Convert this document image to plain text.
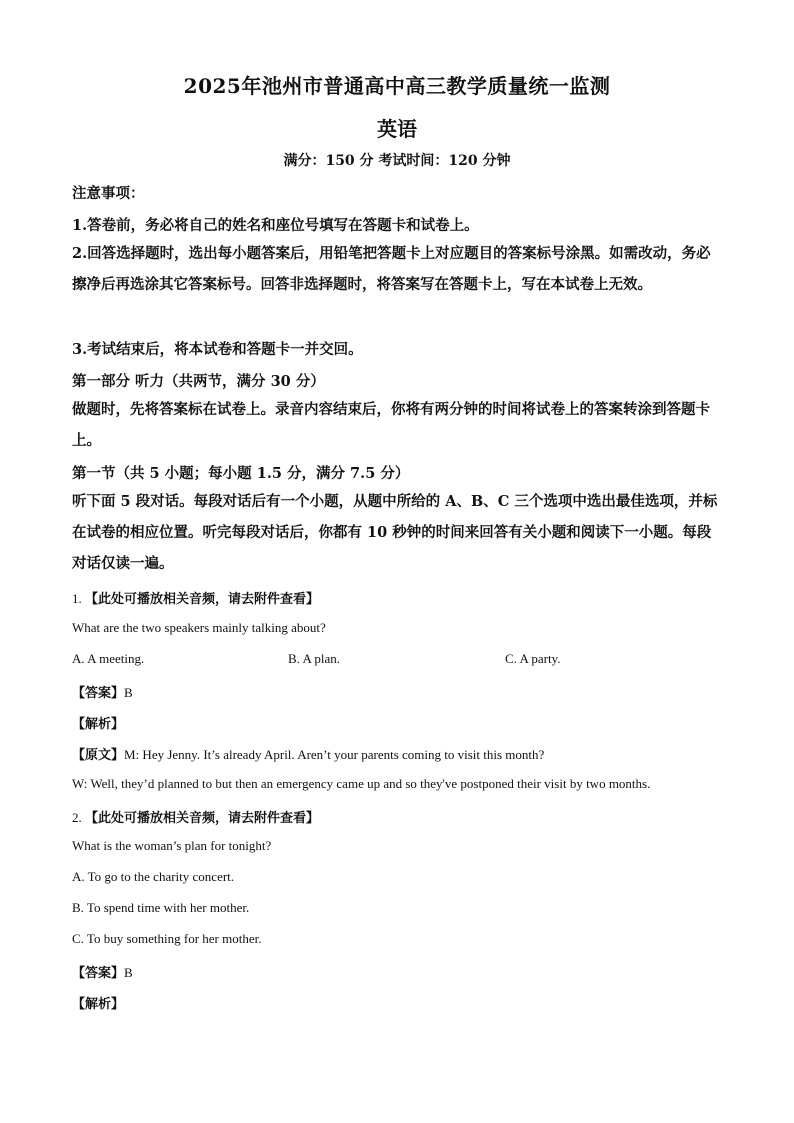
2025年池州市普通高中高三教学质量统一监测
英语
满分：150 分 考试时间：120 分钟
注意事项：
1.答卷前，务必将自己的姓名和座位号填写在答题卡和试卷上。
2.回答选择题时，选出每小题答案后，用铅笔把答题卡上对应题目的答案标号涂黑。如需改动，务必擦净后再选涂其它答案标号。回答非选择题时，将答案写在答题卡上，写在本试卷上无效。
3.考试结束后，将本试卷和答题卡一并交回。
第一部分 听力（共两节，满分 30 分）
做题时，先将答案标在试卷上。录音内容结束后，你将有两分钟的时间将试卷上的答案转涂到答题卡上。
第一节（共 5 小题；每小题 1.5 分，满分 7.5 分）
听下面 5 段对话。每段对话后有一个小题，从题中所给的 A、B、C 三个选项中选出最佳选项，并标在试卷的相应位置。听完每段对话后，你都有 10 秒钟的时间来回答有关小题和阅读下一小题。每段对话仅读一遍。
1. 【此处可播放相关音频，请去附件查看】
What are the two speakers mainly talking about?
A. A meeting.	B. A plan.	C. A party.
【答案】B
【解析】
【原文】M: Hey Jenny. It’s already April. Aren’t your parents coming to visit this month?
W: Well, they’d planned to but then an emergency came up and so they've postponed their visit by two months.
2. 【此处可播放相关音频，请去附件查看】
What is the woman’s plan for tonight?
A. To go to the charity concert.
B. To spend time with her mother.
C. To buy something for her mother.
【答案】B
【解析】
